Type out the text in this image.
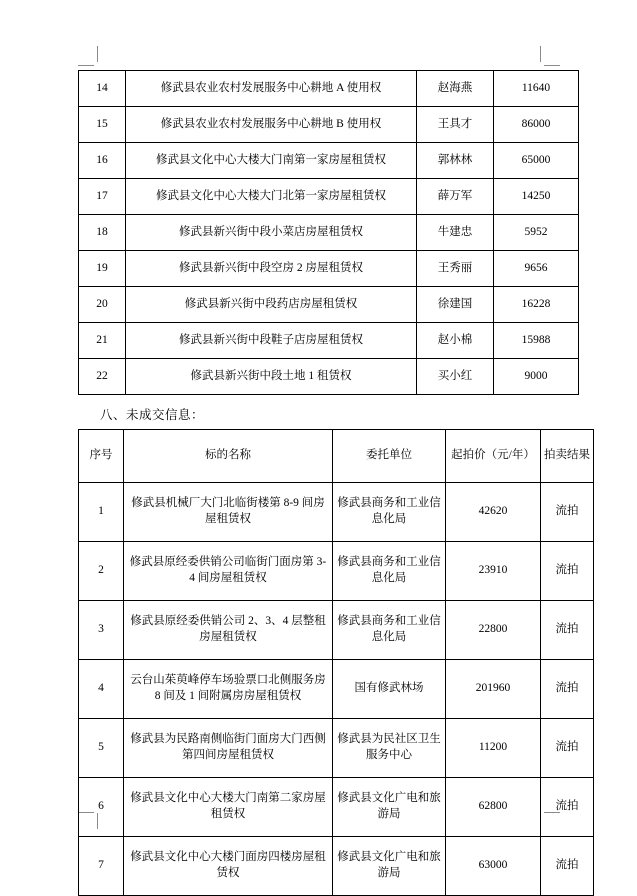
14	修武县农业农村发展服务中心耕地 A 使用权	赵海燕	11640
15	修武县农业农村发展服务中心耕地 B 使用权	王具才	86000
16	修武县文化中心大楼大门南第一家房屋租赁权	郭林林	65000
17	修武县文化中心大楼大门北第一家房屋租赁权	薛万军	14250
18	修武县新兴街中段小菜店房屋租赁权	牛建忠	5952
19	修武县新兴街中段空房 2 房屋租赁权	王秀丽	9656
20	修武县新兴街中段药店房屋租赁权	徐建国	16228
21	修武县新兴街中段鞋子店房屋租赁权	赵小棉	15988
22	修武县新兴街中段土地 1 租赁权	买小红	9000
八、未成交信息：
序号	标的名称	委托单位	起拍价（元/年）	拍卖结果
1	修武县机械厂大门北临街楼第 8-9 间房屋租赁权	修武县商务和工业信息化局	42620	流拍
2	修武县原经委供销公司临街门面房第 3-4 间房屋租赁权	修武县商务和工业信息化局	23910	流拍
3	修武县原经委供销公司 2、3、4 层整租房屋租赁权	修武县商务和工业信息化局	22800	流拍
4	云台山茱萸峰停车场验票口北侧服务房 8 间及 1 间附属房房屋租赁权	国有修武林场	201960	流拍
5	修武县为民路南侧临街门面房大门西侧第四间房屋租赁权	修武县为民社区卫生服务中心	11200	流拍
6	修武县文化中心大楼大门南第二家房屋租赁权	修武县文化广电和旅游局	62800	流拍
7	修武县文化中心大楼门面房四楼房屋租赁权	修武县文化广电和旅游局	63000	流拍
